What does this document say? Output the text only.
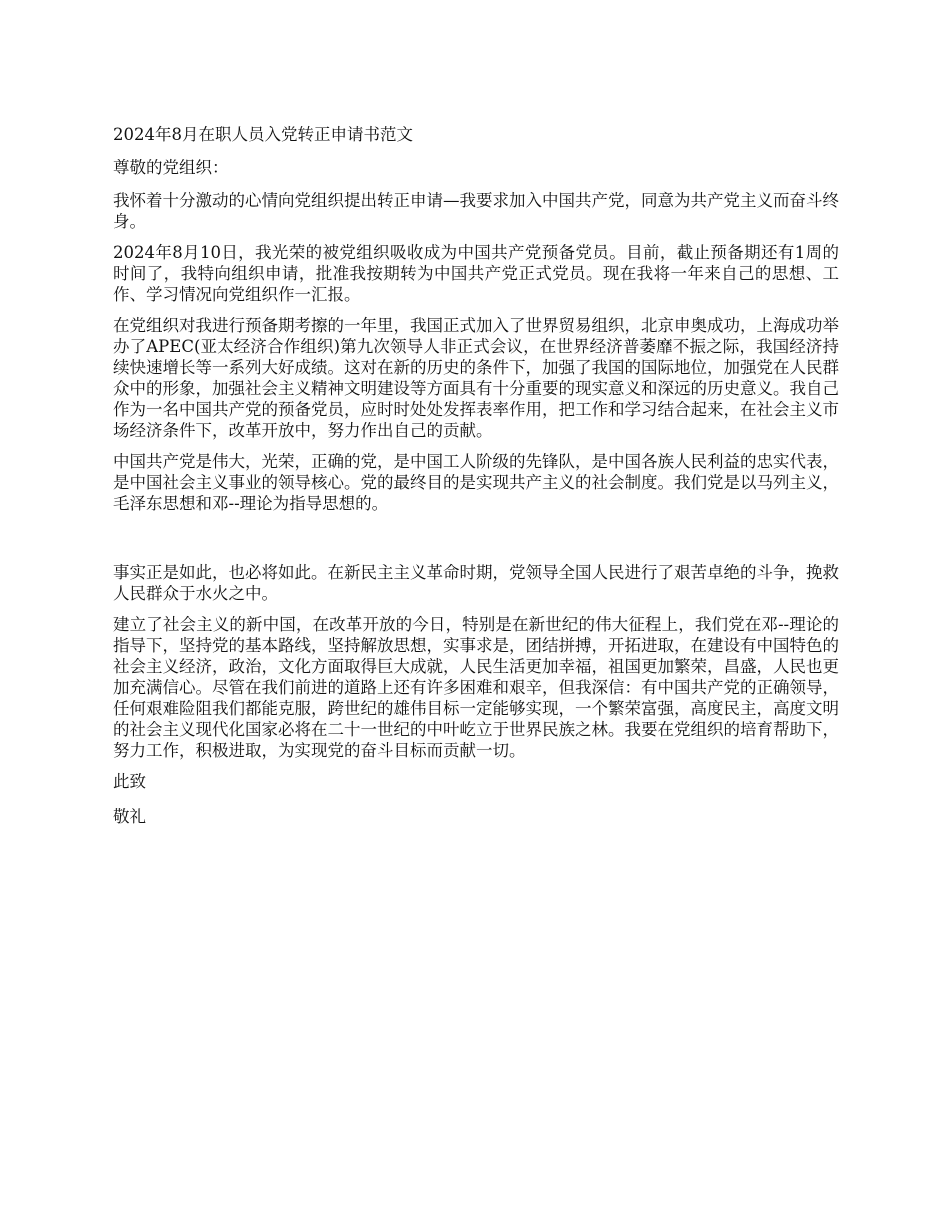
2024年8月在职人员入党转正申请书范文

尊敬的党组织：

我怀着十分激动的心情向党组织提出转正申请—我要求加入中国共产党，同意为共产党主义而奋斗终身。

2024年8月10日，我光荣的被党组织吸收成为中国共产党预备党员。目前，截止预备期还有1周的时间了，我特向组织申请，批准我按期转为中国共产党正式党员。现在我将一年来自己的思想、工作、学习情况向党组织作一汇报。

在党组织对我进行预备期考擦的一年里，我国正式加入了世界贸易组织，北京申奥成功，上海成功举办了APEC(亚太经济合作组织)第九次领导人非正式会议，在世界经济普萎靡不振之际，我国经济持续快速增长等一系列大好成绩。这对在新的历史的条件下，加强了我国的国际地位，加强党在人民群众中的形象，加强社会主义精神文明建设等方面具有十分重要的现实意义和深远的历史意义。我自己作为一名中国共产党的预备党员，应时时处处发挥表率作用，把工作和学习结合起来，在社会主义市场经济条件下，改革开放中，努力作出自己的贡献。

中国共产党是伟大，光荣，正确的党，是中国工人阶级的先锋队，是中国各族人民利益的忠实代表，是中国社会主义事业的领导核心。党的最终目的是实现共产主义的社会制度。我们党是以马列主义，毛泽东思想和邓--理论为指导思想的。

事实正是如此，也必将如此。在新民主主义革命时期，党领导全国人民进行了艰苦卓绝的斗争，挽救人民群众于水火之中。

建立了社会主义的新中国，在改革开放的今日，特别是在新世纪的伟大征程上，我们党在邓--理论的指导下，坚持党的基本路线，坚持解放思想，实事求是，团结拼搏，开拓进取，在建设有中国特色的社会主义经济，政治，文化方面取得巨大成就，人民生活更加幸福，祖国更加繁荣，昌盛，人民也更加充满信心。尽管在我们前进的道路上还有许多困难和艰辛，但我深信：有中国共产党的正确领导，任何艰难险阻我们都能克服，跨世纪的雄伟目标一定能够实现，一个繁荣富强，高度民主，高度文明的社会主义现代化国家必将在二十一世纪的中叶屹立于世界民族之林。我要在党组织的培育帮助下，努力工作，积极进取，为实现党的奋斗目标而贡献一切。

此致

敬礼
